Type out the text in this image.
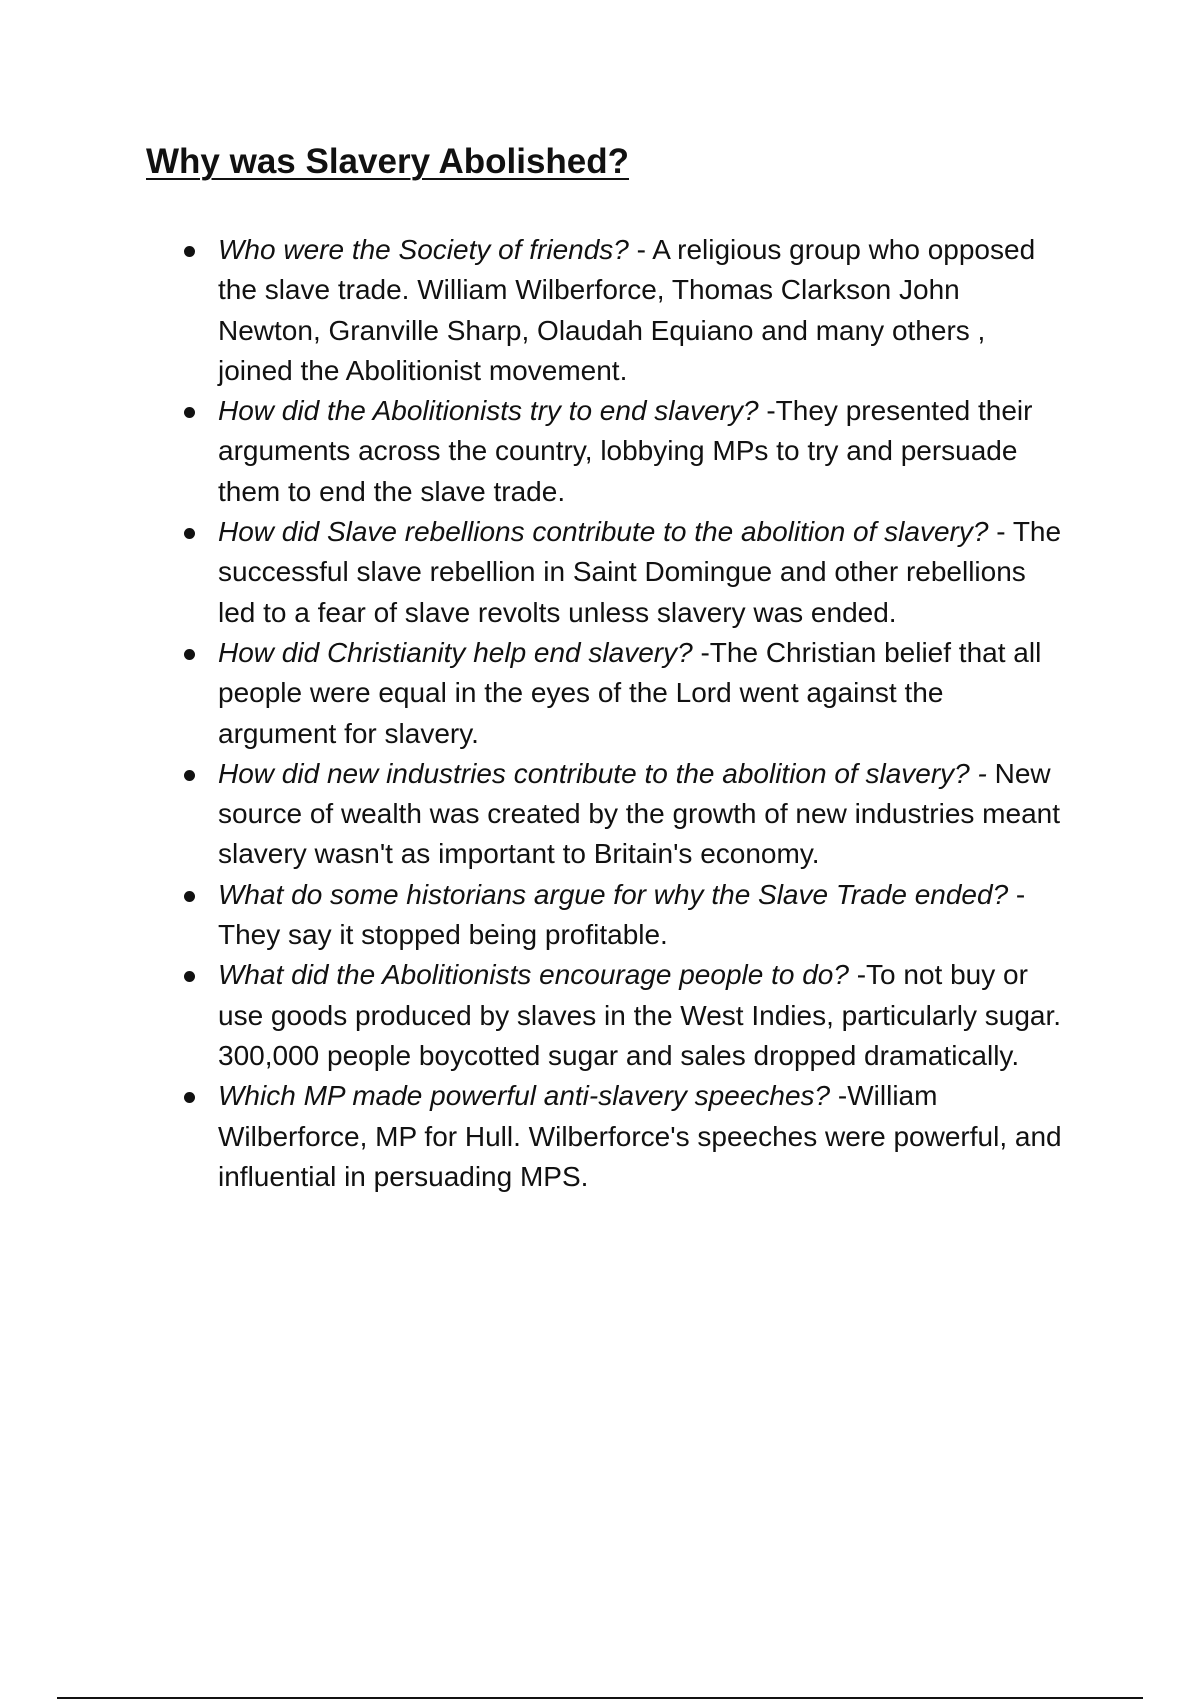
Why was Slavery Abolished?
Who were the Society of friends? - A religious group who opposed the slave trade. William Wilberforce, Thomas Clarkson John Newton, Granville Sharp, Olaudah Equiano and many others , joined the Abolitionist movement.
How did the Abolitionists try to end slavery? -They presented their arguments across the country, lobbying MPs to try and persuade them to end the slave trade.
How did Slave rebellions contribute to the abolition of slavery? - The successful slave rebellion in Saint Domingue and other rebellions led to a fear of slave revolts unless slavery was ended.
How did Christianity help end slavery? -The Christian belief that all people were equal in the eyes of the Lord went against the argument for slavery.
How did new industries contribute to the abolition of slavery? - New source of wealth was created by the growth of new industries meant slavery wasn't as important to Britain's economy.
What do some historians argue for why the Slave Trade ended? -They say it stopped being profitable.
What did the Abolitionists encourage people to do? -To not buy or use goods produced by slaves in the West Indies, particularly sugar. 300,000 people boycotted sugar and sales dropped dramatically.
Which MP made powerful anti-slavery speeches? -William Wilberforce, MP for Hull. Wilberforce's speeches were powerful, and influential in persuading MPS.
